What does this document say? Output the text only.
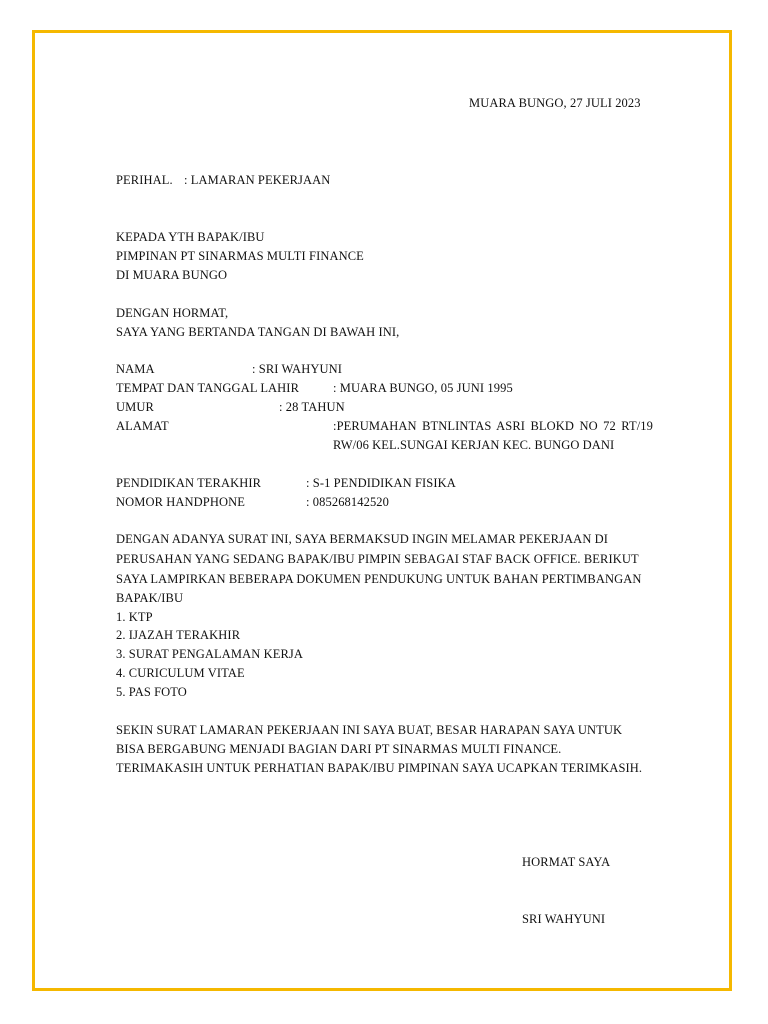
MUARA BUNGO, 27 JULI 2023
PERIHAL. : LAMARAN PEKERJAAN
KEPADA YTH BAPAK/IBU
PIMPINAN PT SINARMAS MULTI FINANCE
DI MUARA BUNGO
DENGAN HORMAT,
SAYA YANG BERTANDA TANGAN DI BAWAH INI,
NAMA	: SRI WAHYUNI
TEMPAT DAN TANGGAL LAHIR	: MUARA BUNGO, 05 JUNI 1995
UMUR	: 28 TAHUN
ALAMAT	:PERUMAHAN BTNLINTAS ASRI BLOKD NO 72 RT/19
RW/06 KEL.SUNGAI KERJAN KEC. BUNGO DANI
PENDIDIKAN TERAKHIR	: S-1 PENDIDIKAN FISIKA
NOMOR HANDPHONE	: 085268142520
DENGAN ADANYA SURAT INI, SAYA BERMAKSUD INGIN MELAMAR PEKERJAAN DI
PERUSAHAN YANG SEDANG BAPAK/IBU PIMPIN SEBAGAI STAF BACK OFFICE. BERIKUT
SAYA LAMPIRKAN BEBERAPA DOKUMEN PENDUKUNG UNTUK BAHAN PERTIMBANGAN
BAPAK/IBU
1. KTP
2. IJAZAH TERAKHIR
3. SURAT PENGALAMAN KERJA
4. CURICULUM VITAE
5. PAS FOTO
SEKIN SURAT LAMARAN PEKERJAAN INI SAYA BUAT, BESAR HARAPAN SAYA UNTUK
BISA BERGABUNG MENJADI BAGIAN DARI PT SINARMAS MULTI FINANCE.
TERIMAKASIH UNTUK PERHATIAN BAPAK/IBU PIMPINAN SAYA UCAPKAN TERIMKASIH.
HORMAT SAYA
SRI WAHYUNI
